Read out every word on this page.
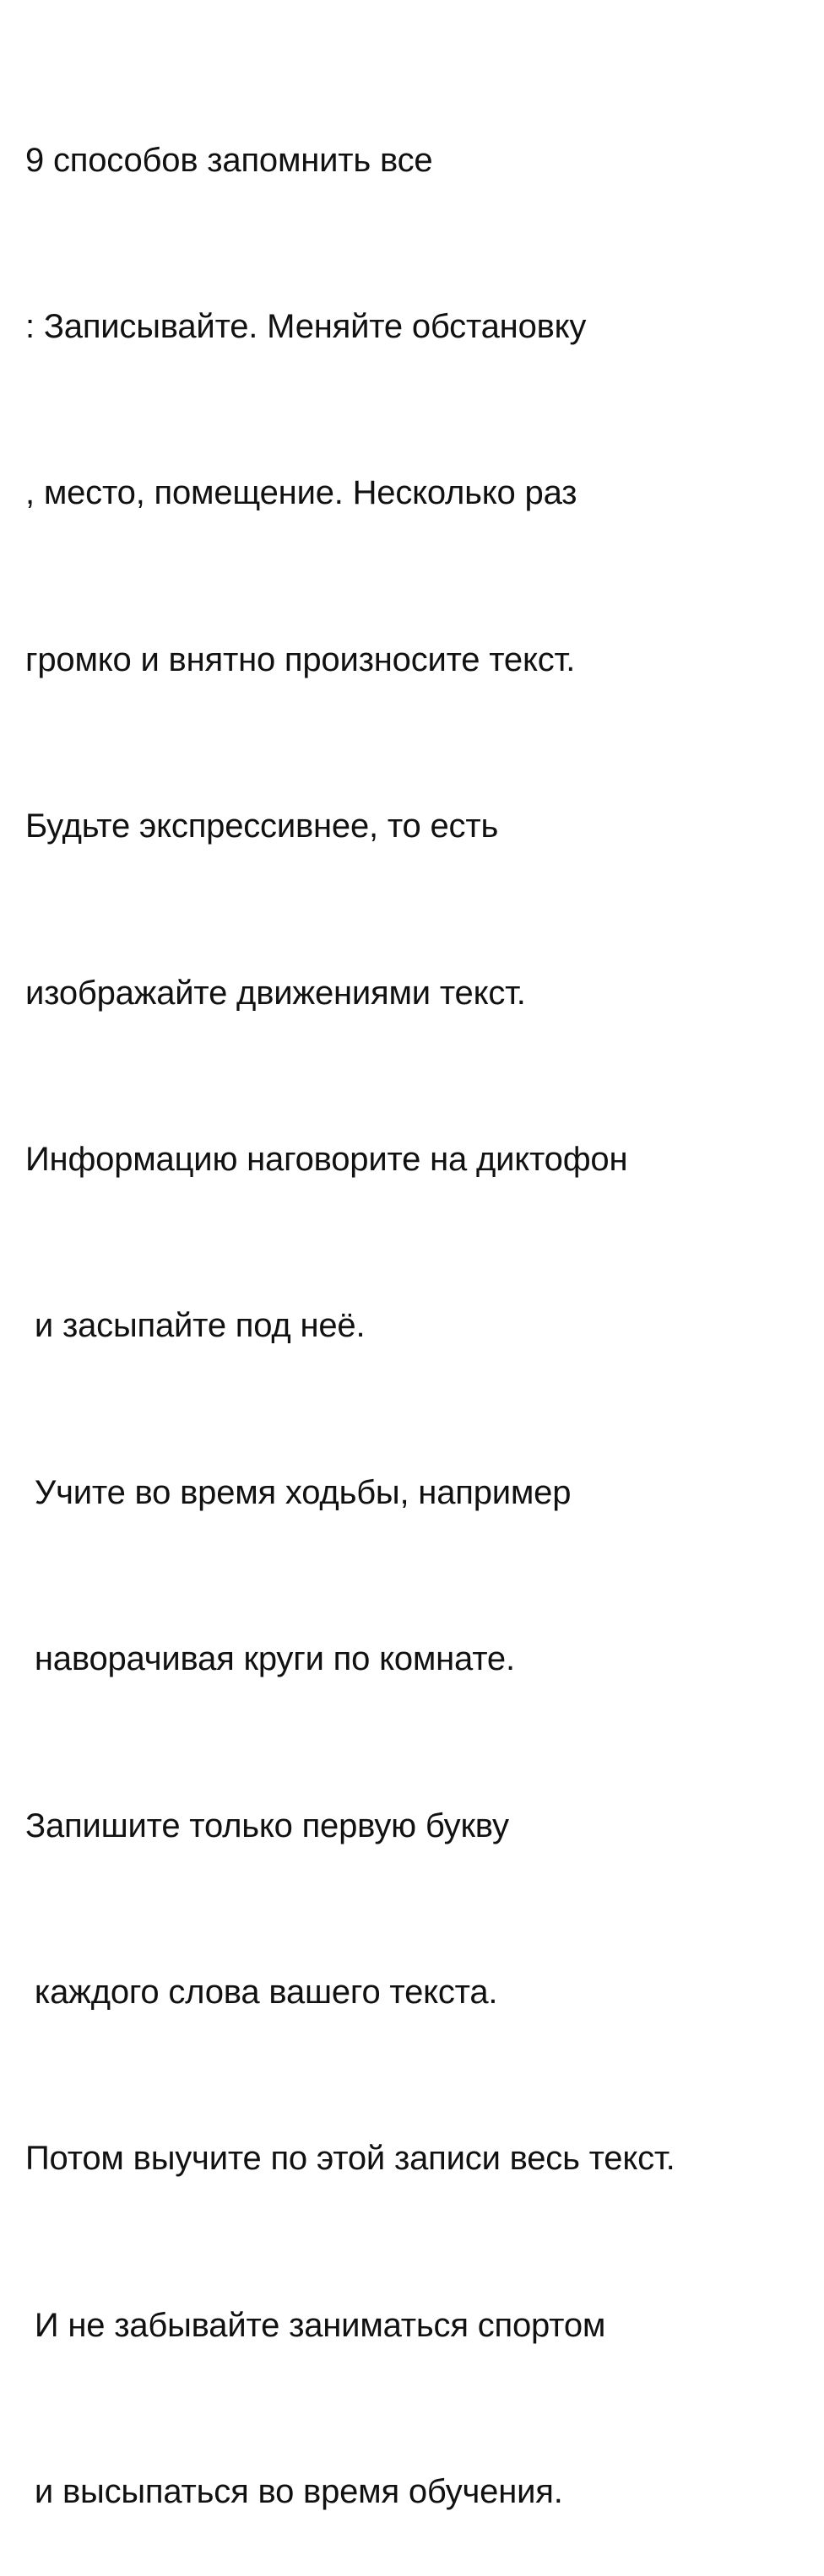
9 способов запомнить все

: Записывайте. Меняйте обстановку

, место, помещение. Несколько раз

громко и внятно произносите текст.

Будьте экспрессивнее, то есть

изображайте движениями текст.

Информацию наговорите на диктофон

и засыпайте под неё.

Учите во время ходьбы, например

наворачивая круги по комнате.

Запишите только первую букву

каждого слова вашего текста.

Потом выучите по этой записи весь текст.

И не забывайте заниматься спортом

и высыпаться во время обучения.
